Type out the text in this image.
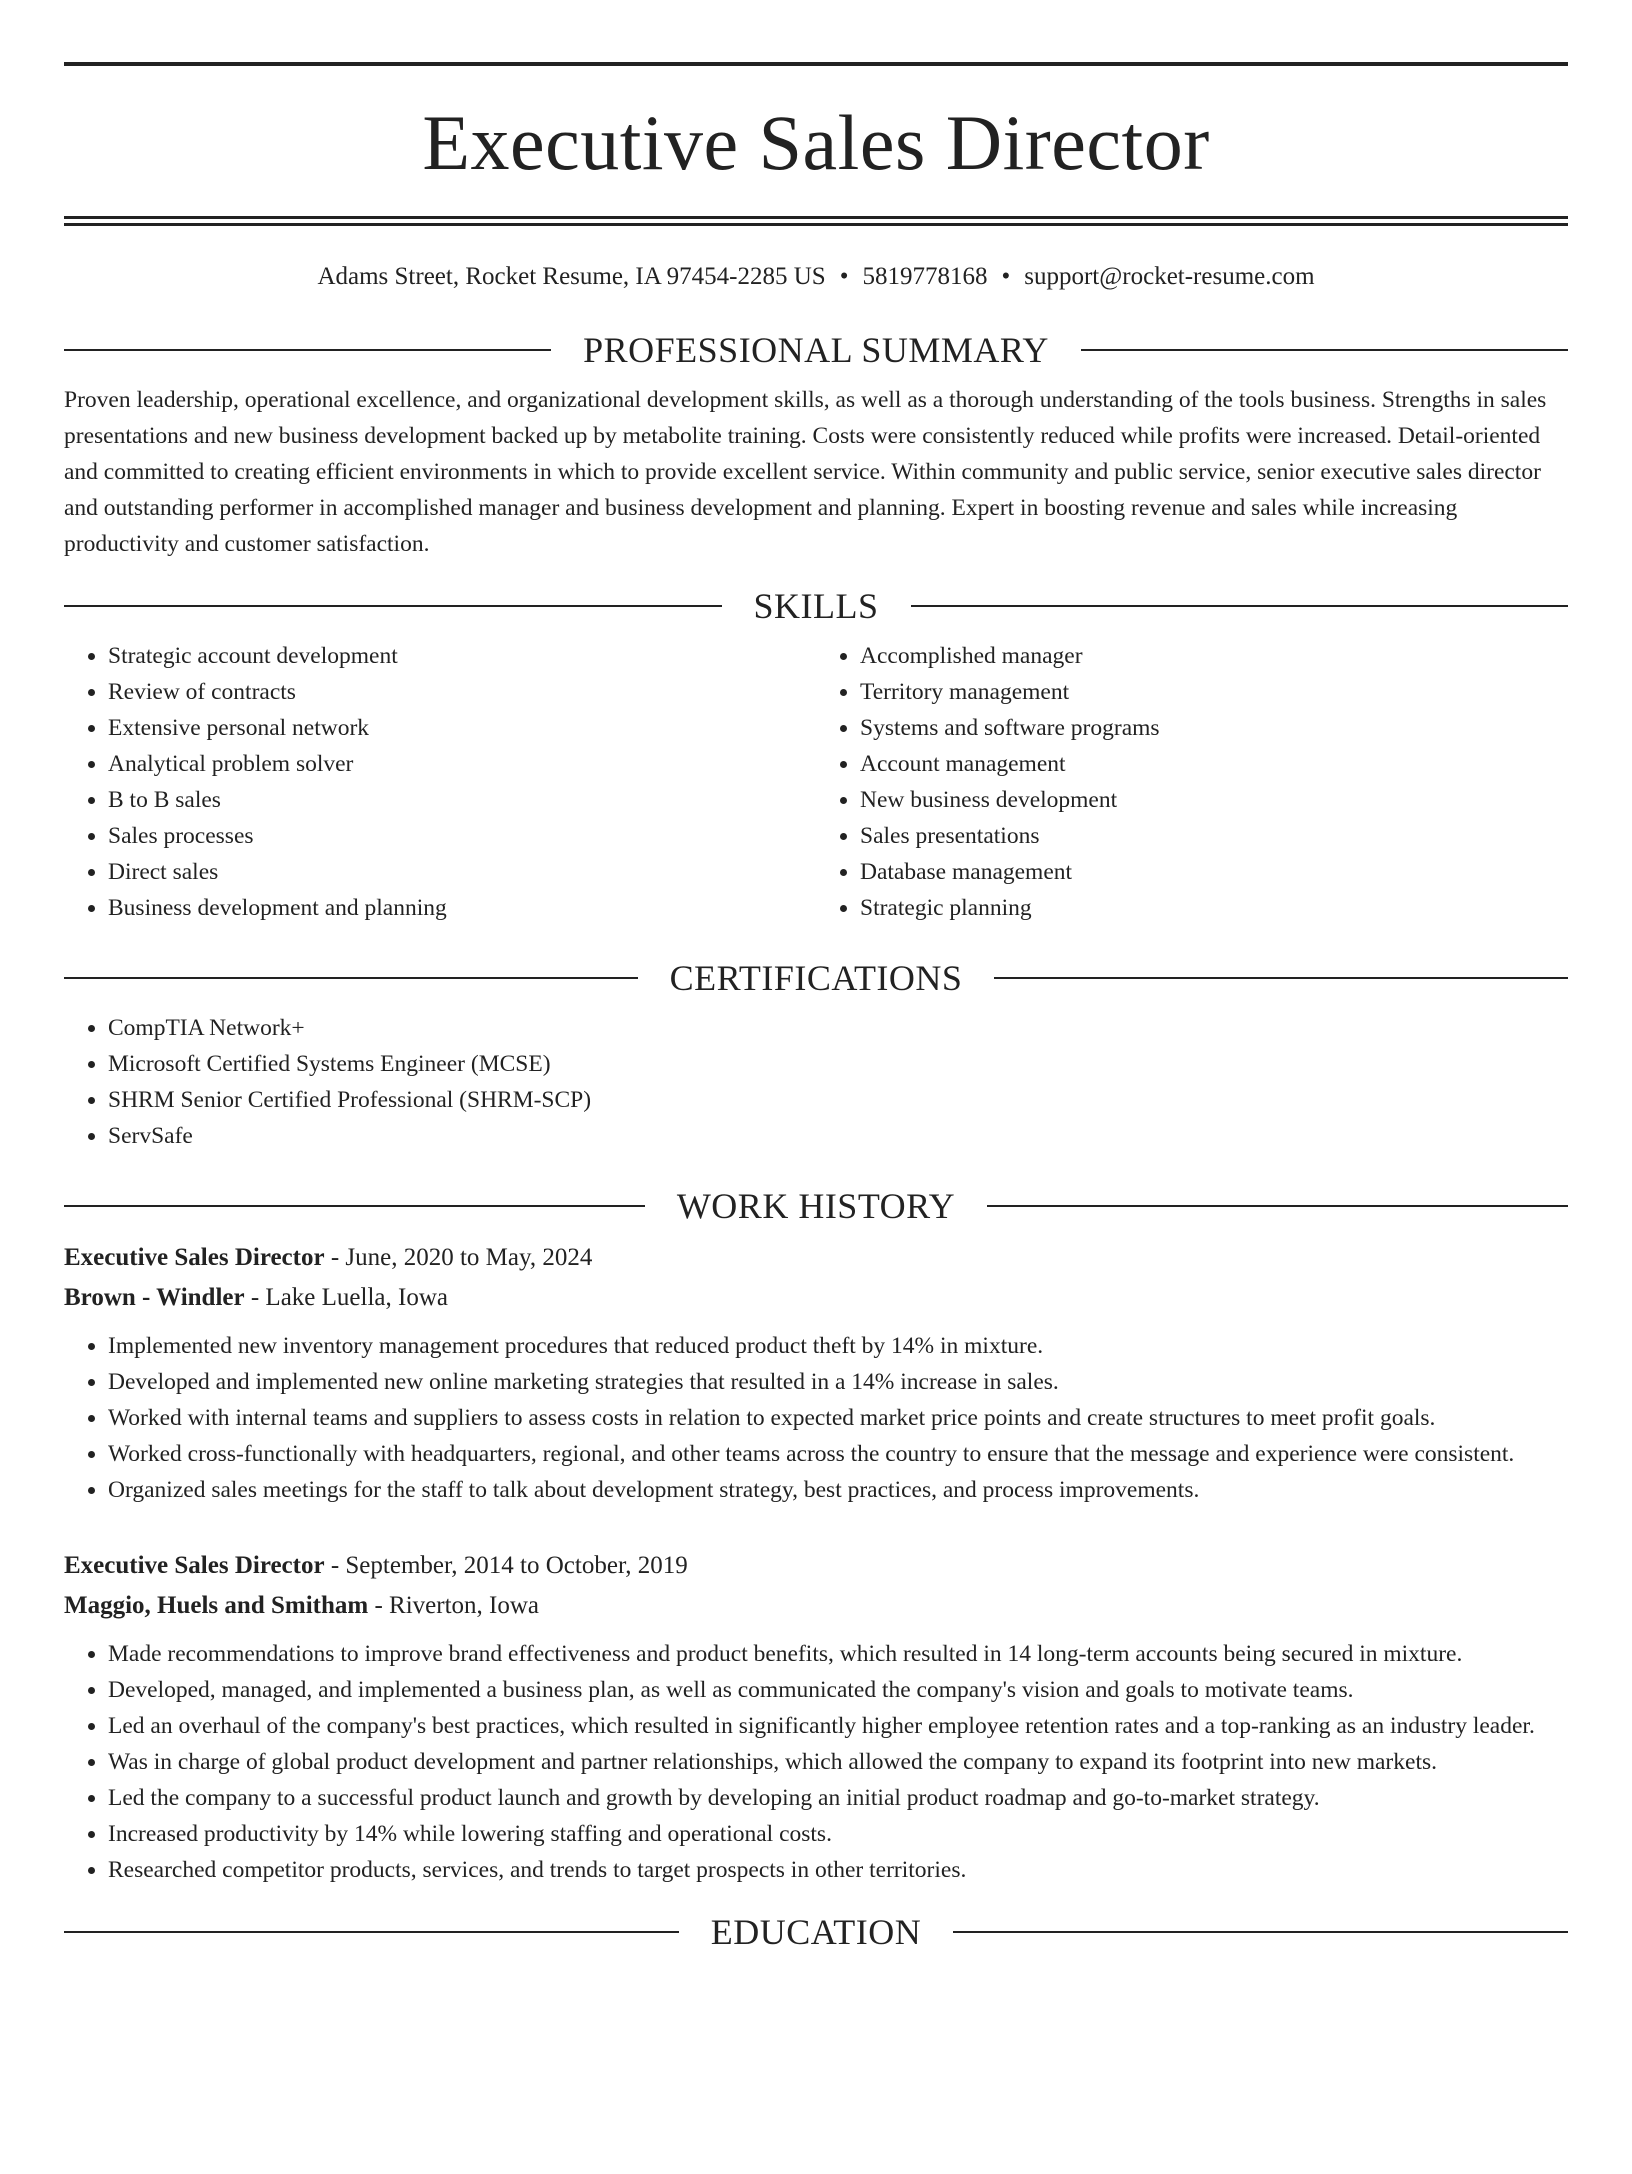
Executive Sales Director
Adams Street, Rocket Resume, IA 97454-2285 US • 5819778168 • support@rocket-resume.com
PROFESSIONAL SUMMARY

Proven leadership, operational excellence, and organizational development skills, as well as a thorough understanding of the tools business. Strengths in sales presentations and new business development backed up by metabolite training. Costs were consistently reduced while profits were increased. Detail-oriented and committed to creating efficient environments in which to provide excellent service. Within community and public service, senior executive sales director and outstanding performer in accomplished manager and business development and planning. Expert in boosting revenue and sales while increasing productivity and customer satisfaction.

SKILLS
• Strategic account development
• Review of contracts
• Extensive personal network
• Analytical problem solver
• B to B sales
• Sales processes
• Direct sales
• Business development and planning
• Accomplished manager
• Territory management
• Systems and software programs
• Account management
• New business development
• Sales presentations
• Database management
• Strategic planning
CERTIFICATIONS
• CompTIA Network+
• Microsoft Certified Systems Engineer (MCSE)
• SHRM Senior Certified Professional (SHRM-SCP)
• ServSafe
WORK HISTORY
Executive Sales Director - June, 2020 to May, 2024
Brown - Windler - Lake Luella, Iowa
• Implemented new inventory management procedures that reduced product theft by 14% in mixture.
• Developed and implemented new online marketing strategies that resulted in a 14% increase in sales.
• Worked with internal teams and suppliers to assess costs in relation to expected market price points and create structures to meet profit goals.
• Worked cross-functionally with headquarters, regional, and other teams across the country to ensure that the message and experience were consistent.
• Organized sales meetings for the staff to talk about development strategy, best practices, and process improvements.
Executive Sales Director - September, 2014 to October, 2019
Maggio, Huels and Smitham - Riverton, Iowa
• Made recommendations to improve brand effectiveness and product benefits, which resulted in 14 long-term accounts being secured in mixture.
• Developed, managed, and implemented a business plan, as well as communicated the company's vision and goals to motivate teams.
• Led an overhaul of the company's best practices, which resulted in significantly higher employee retention rates and a top-ranking as an industry leader.
• Was in charge of global product development and partner relationships, which allowed the company to expand its footprint into new markets.
• Led the company to a successful product launch and growth by developing an initial product roadmap and go-to-market strategy.
• Increased productivity by 14% while lowering staffing and operational costs.
• Researched competitor products, services, and trends to target prospects in other territories.
EDUCATION
